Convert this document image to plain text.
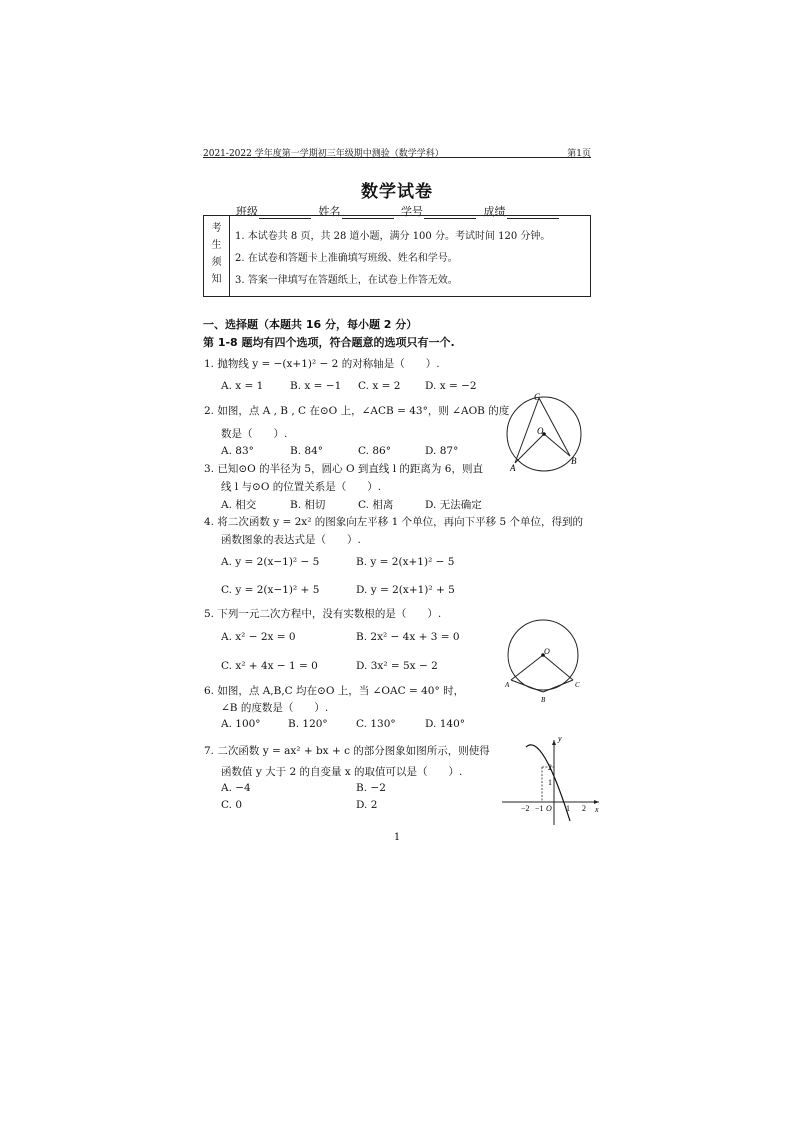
2021-2022 学年度第一学期初三年级期中测验（数学学科）	第1页
数学试卷
班级	姓名	学号	成绩
考
生
须
知
1. 本试卷共 8 页，共 28 道小题，满分 100 分。考试时间 120 分钟。
2. 在试卷和答题卡上准确填写班级、姓名和学号。
3. 答案一律填写在答题纸上，在试卷上作答无效。
一、选择题（本题共 16 分，每小题 2 分）
第 1-8 题均有四个选项，符合题意的选项只有一个.
1. 抛物线 y = −(x+1)² − 2 的对称轴是（　　）.
A. x = 1	B. x = −1 C. x = 2 D. x = −2
2. 如图，点 A , B , C 在⊙O 上，∠ACB = 43°，则 ∠AOB 的度
数是（　　）.
A. 83°	B. 84°	C. 86°	D. 87°
3. 已知⊙O 的半径为 5，圆心 O 到直线 l 的距离为 6，则直
线 l 与⊙O 的位置关系是（　　）.
A. 相交	B. 相切	C. 相离	D. 无法确定
4. 将二次函数 y = 2x² 的图象向左平移 1 个单位，再向下平移 5 个单位，得到的
函数图象的表达式是（　　）.
A. y = 2(x−1)² − 5	B. y = 2(x+1)² − 5
C. y = 2(x−1)² + 5	D. y = 2(x+1)² + 5
5. 下列一元二次方程中，没有实数根的是（　　）.
A. x² − 2x = 0	B. 2x² − 4x + 3 = 0
C. x² + 4x − 1 = 0	D. 3x² = 5x − 2
6. 如图，点 A,B,C 均在⊙O 上，当 ∠OAC = 40° 时，
∠B 的度数是（　　）.
A. 100°	B. 120°	C. 130°	D. 140°
7. 二次函数 y = ax² + bx + c 的部分图象如图所示，则使得
函数值 y 大于 2 的自变量 x 的取值可以是（　　）.
A. −4	B. −2
C. 0	D. 2
C
O
A
B
O
A
B
C
y
x
O
−2 −1	1 2
2
1
1
